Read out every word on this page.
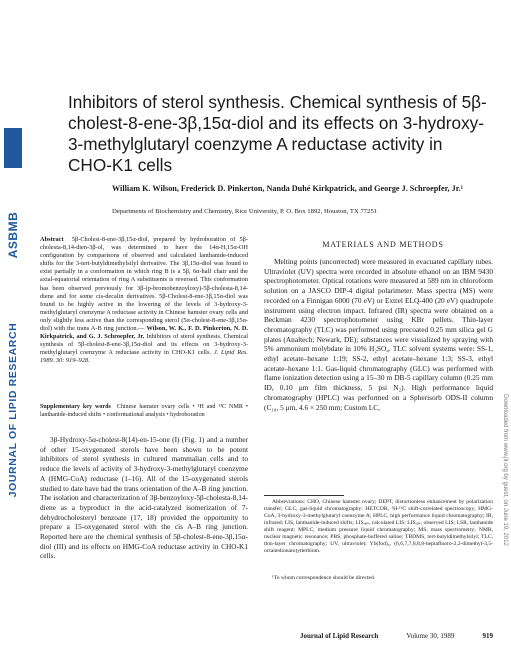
ASBMB
JOURNAL OF LIPID RESEARCH	Downloaded from www.jlr.org by guest, on June 19, 2012
Inhibitors of sterol synthesis. Chemical synthesis of 5β-cholest-8-ene-3β,15α-diol and its effects on 3-hydroxy-3-methylglutaryl coenzyme A reductase activity in CHO-K1 cells
William K. Wilson, Frederick D. Pinkerton, Nanda Duhé Kirkpatrick, and George J. Schroepfer, Jr.¹
Departments of Biochemistry and Chemistry, Rice University, P. O. Box 1892, Houston, TX 77251
Abstract 5β-Cholest-8-ene-3β,15α-diol, prepared by hydroboration of 5β-cholesta-8,14-dien-3β-ol, was determined to have the 14α-H,15α-OH configuration by comparisons of observed and calculated lanthanide-induced shifts for the 3-tert-butyldimethylsilyl derivative. The 3β,15α-diol was found to exist partially in a conformation in which ring B is a 5β, 6α-half chair and the axial-equatorial orientation of ring A substituents is reversed. This conformation has been observed previously for 3β-(p-bromobenzoyloxy)-5β-cholesta-8,14-diene and for some cis-decalin derivatives. 5β-Cholest-8-ene-3β,15α-diol was found to be highly active in the lowering of the levels of 3-hydroxy-3-methylglutaryl coenzyme A reductase activity in Chinese hamster ovary cells and only slightly less active than the corresponding sterol (5α-cholest-8-ene-3β,15α-diol) with the trans A-B ring junction.— Wilson, W. K., F. D. Pinkerton, N. D. Kirkpatrick, and G. J. Schroepfer, Jr. Inhibitors of sterol synthesis. Chemical synthesis of 5β-cholest-8-ene-3β,15α-diol and its effects on 3-hydroxy-3-methylglutaryl coenzyme A reductase activity in CHO-K1 cells. J. Lipid Res. 1989. 30: 919–928.
Supplementary key words Chinese hamster ovary cells • ¹H and ¹³C NMR • lanthanide-induced shifts • conformational analysis • hydroboration

3β-Hydroxy-5α-cholest-8(14)-en-15-one (I) (Fig. 1) and a number of other 15-oxygenated sterols have been shown to be potent inhibitors of sterol synthesis in cultured mammalian cells and to reduce the levels of activity of 3-hydroxy-3-methylglutaryl coenzyme A (HMG-CoA) reductase (1–16). All of the 15-oxygenated sterols studied to date have had the trans orientation of the A–B ring junction. The isolation and characterization of 3β-benzoyloxy-5β-cholesta-8,14-diene as a byproduct in the acid-catalyzed isomerization of 7-dehydrocholesteryl benzoate (17, 18) provided the opportunity to prepare a 15-oxygenated sterol with the cis A–B ring junction. Reported here are the chemical synthesis of 5β-cholest-8-ene-3β,15α-diol (III) and its effects on HMG-CoA reductase activity in CHO-K1 cells.

MATERIALS AND METHODS

Melting points (uncorrected) were measured in evacuated capillary tubes. Ultraviolet (UV) spectra were recorded in absolute ethanol on an IBM 9430 spectrophotometer. Optical rotations were measured at 589 nm in chloroform solution on a JASCO DIP-4 digital polarimeter. Mass spectra (MS) were recorded on a Finnigan 6000 (70 eV) or Extrel ELQ-400 (20 eV) quadrupole instrument using electron impact. Infrared (IR) spectra were obtained on a Beckman 4230 spectrophotometer using KBr pellets. Thin-layer chromatography (TLC) was performed using precoated 0.25 mm silica gel G plates (Analtech; Newark, DE); substances were visualized by spraying with 5% ammonium molybdate in 10% H₂SO₄. TLC solvent systems were: SS-1, ethyl acetate–hexane 1:19; SS-2, ethyl acetate–hexane 1:3; SS-3, ethyl acetate–hexane 1:1. Gas-liquid chromatography (GLC) was performed with flame ionization detection using a 15–30 m DB-5 capillary column (0.25 mm ID, 0.10 μm film thickness, 5 psi N₂). High performance liquid chromatography (HPLC) was performed on a Spherisorb ODS-II column (C₁₈, 5 μm, 4.6 × 250 mm; Custom LC,

Abbreviations: CHO, Chinese hamster ovary; DEPT, distortionless enhancement by polarization transfer; GLC, gas-liquid chromatography; HETCOR, ¹H-¹³C shift-correlated spectroscopy; HMG-CoA, 3-hydroxy-3-methylglutaryl coenzyme A; HPLC, high performance liquid chromatography; IR, infrared; LIS, lanthanide-induced shifts; LISₒᵦₛ, calculated LIS; LISₒᵦₛ, observed LIS; LSR, lanthanide shift reagent; MPLC, medium pressure liquid chromatography; MS, mass spectrometry; NMR, nuclear magnetic resonance; PBS, phosphate-buffered saline; TBDMS, tert-butyldimethylsilyl; TLC, thin-layer chromatography; UV, ultraviolet; Yb(fod)₃, (6,6,7,7,8,8,8-heptafluoro-2,2-dimethyl-3,5-octanedionato)ytterbium.

¹To whom correspondence should be directed.

Journal of Lipid Research	Volume 30, 1989	919
